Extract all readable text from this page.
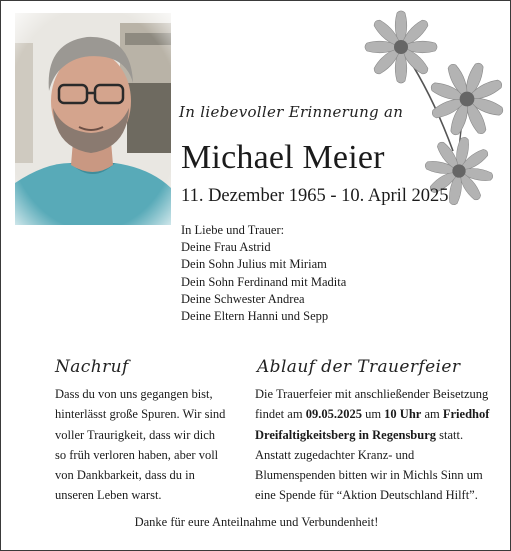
In liebevoller Erinnerung an
Michael Meier
11. Dezember 1965 - 10. April 2025
In Liebe und Trauer:
Deine Frau Astrid
Dein Sohn Julius mit Miriam
Dein Sohn Ferdinand mit Madita
Deine Schwester Andrea
Deine Eltern Hanni und Sepp
Nachruf
Dass du von uns gegangen bist,
hinterlässt große Spuren. Wir sind
voller Traurigkeit, dass wir dich
so früh verloren haben, aber voll
von Dankbarkeit, dass du in
unseren Leben warst.
Ablauf der Trauerfeier
Die Trauerfeier mit anschließender Beisetzung
findet am 09.05.2025 um 10 Uhr am Friedhof
Dreifaltigkeitsberg in Regensburg statt.
Anstatt zugedachter Kranz- und
Blumenspenden bitten wir in Michls Sinn um
eine Spende für “Aktion Deutschland Hilft”.
Danke für eure Anteilnahme und Verbundenheit!
